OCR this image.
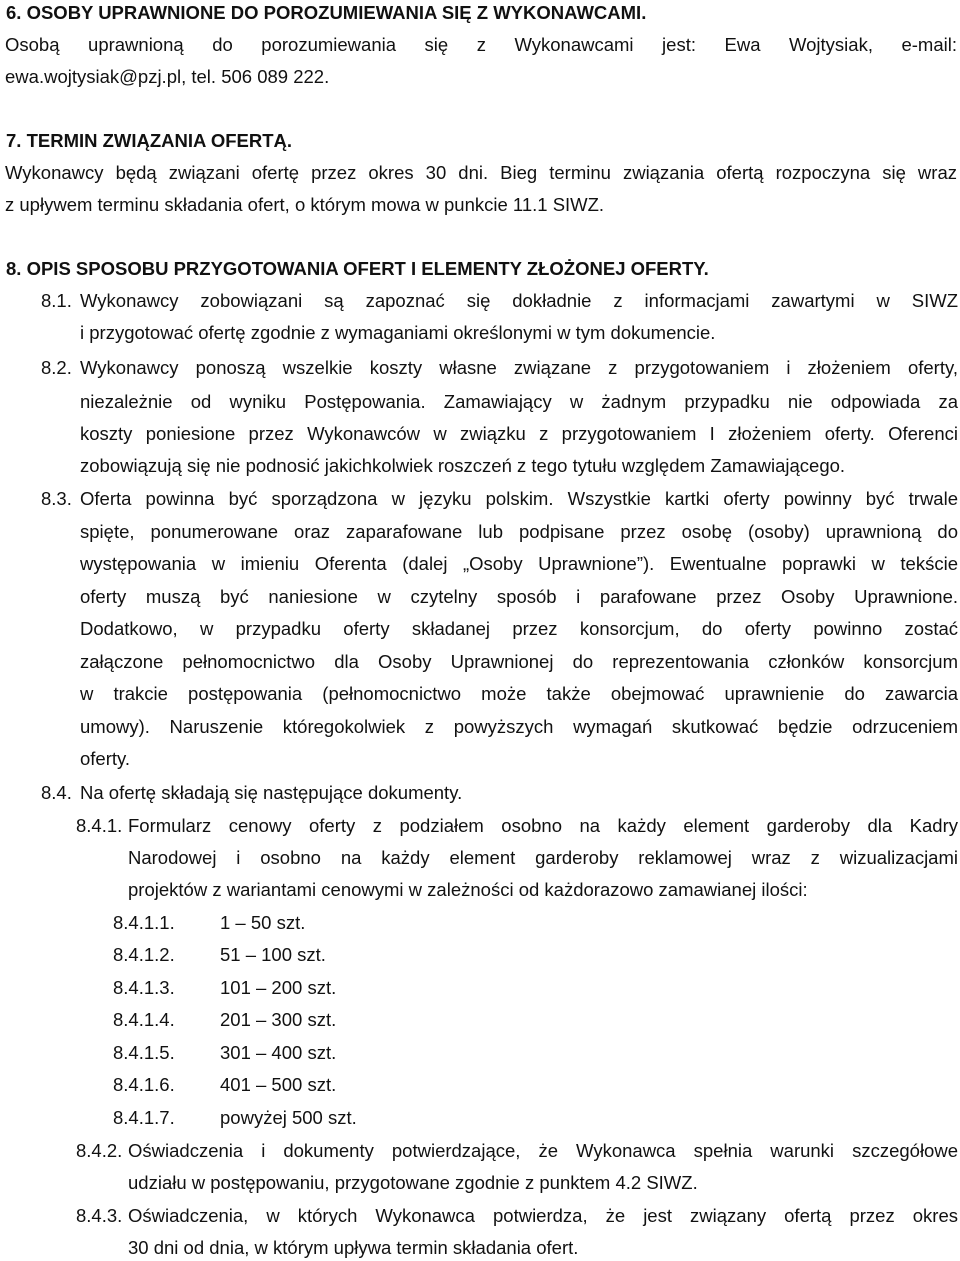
6. OSOBY UPRAWNIONE DO POROZUMIEWANIA SIĘ Z WYKONAWCAMI.
Osobą uprawnioną do porozumiewania się z Wykonawcami jest: Ewa Wojtysiak, e-mail:
ewa.wojtysiak@pzj.pl, tel. 506 089 222.
7. TERMIN ZWIĄZANIA OFERTĄ.
Wykonawcy będą związani ofertę przez okres 30 dni. Bieg terminu związania ofertą rozpoczyna się wraz
z upływem terminu składania ofert, o którym mowa w punkcie 11.1 SIWZ.
8. OPIS SPOSOBU PRZYGOTOWANIA OFERT I ELEMENTY ZŁOŻONEJ OFERTY.
8.1. Wykonawcy zobowiązani są zapoznać się dokładnie z informacjami zawartymi w SIWZ
i przygotować ofertę zgodnie z wymaganiami określonymi w tym dokumencie.
8.2. Wykonawcy ponoszą wszelkie koszty własne związane z przygotowaniem i złożeniem oferty,
niezależnie od wyniku Postępowania. Zamawiający w żadnym przypadku nie odpowiada za
koszty poniesione przez Wykonawców w związku z przygotowaniem I złożeniem oferty. Oferenci
zobowiązują się nie podnosić jakichkolwiek roszczeń z tego tytułu względem Zamawiającego.
8.3. Oferta powinna być sporządzona w języku polskim. Wszystkie kartki oferty powinny być trwale
spięte, ponumerowane oraz zaparafowane lub podpisane przez osobę (osoby) uprawnioną do
występowania w imieniu Oferenta (dalej „Osoby Uprawnione”). Ewentualne poprawki w tekście
oferty muszą być naniesione w czytelny sposób i parafowane przez Osoby Uprawnione.
Dodatkowo, w przypadku oferty składanej przez konsorcjum, do oferty powinno zostać
załączone pełnomocnictwo dla Osoby Uprawnionej do reprezentowania członków konsorcjum
w trakcie postępowania (pełnomocnictwo może także obejmować uprawnienie do zawarcia
umowy). Naruszenie któregokolwiek z powyższych wymagań skutkować będzie odrzuceniem
oferty.
8.4. Na ofertę składają się następujące dokumenty.
8.4.1. Formularz cenowy oferty z podziałem osobno na każdy element garderoby dla Kadry
Narodowej i osobno na każdy element garderoby reklamowej wraz z wizualizacjami
projektów z wariantami cenowymi w zależności od każdorazowo zamawianej ilości:
8.4.1.1. 1 – 50 szt.
8.4.1.2. 51 – 100 szt.
8.4.1.3. 101 – 200 szt.
8.4.1.4. 201 – 300 szt.
8.4.1.5. 301 – 400 szt.
8.4.1.6. 401 – 500 szt.
8.4.1.7. powyżej 500 szt.
8.4.2. Oświadczenia i dokumenty potwierdzające, że Wykonawca spełnia warunki szczegółowe
udziału w postępowaniu, przygotowane zgodnie z punktem 4.2 SIWZ.
8.4.3. Oświadczenia, w których Wykonawca potwierdza, że jest związany ofertą przez okres
30 dni od dnia, w którym upływa termin składania ofert.
